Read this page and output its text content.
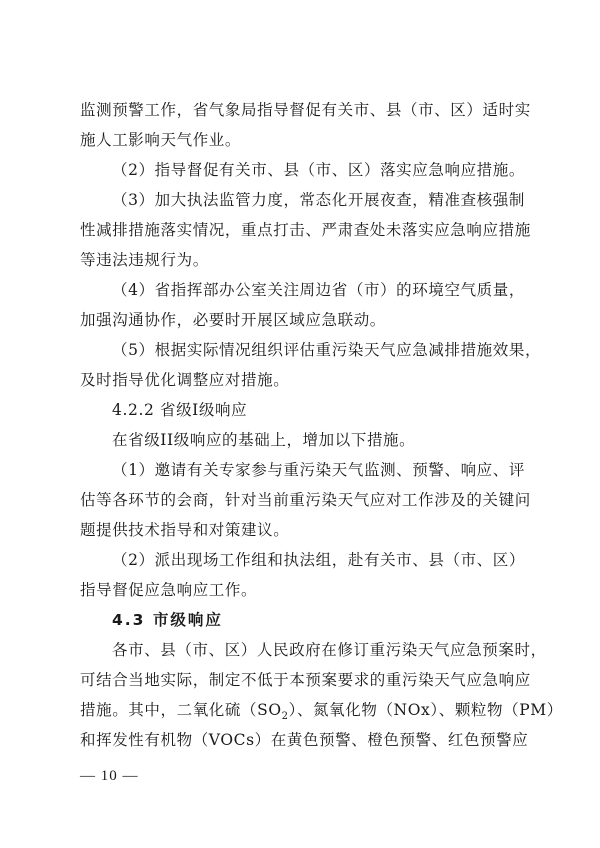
监测预警工作，省气象局指导督促有关市、县（市、区）适时实
施人工影响天气作业。
（2）指导督促有关市、县（市、区）落实应急响应措施。
（3）加大执法监管力度，常态化开展夜查，精准查核强制
性减排措施落实情况，重点打击、严肃查处未落实应急响应措施
等违法违规行为。
（4）省指挥部办公室关注周边省（市）的环境空气质量，
加强沟通协作，必要时开展区域应急联动。
（5）根据实际情况组织评估重污染天气应急减排措施效果，
及时指导优化调整应对措施。
4.2.2 省级I级响应
在省级II级响应的基础上，增加以下措施。
（1）邀请有关专家参与重污染天气监测、预警、响应、评
估等各环节的会商，针对当前重污染天气应对工作涉及的关键问
题提供技术指导和对策建议。
（2）派出现场工作组和执法组，赴有关市、县（市、区）
指导督促应急响应工作。
4.3 市级响应
各市、县（市、区）人民政府在修订重污染天气应急预案时，
可结合当地实际，制定不低于本预案要求的重污染天气应急响应
措施。其中，二氧化硫$(SO_2)$、氮氧化物（NOx）、颗粒物（PM）
和挥发性有机物（VOCs）在黄色预警、橙色预警、红色预警应
— 10 —
